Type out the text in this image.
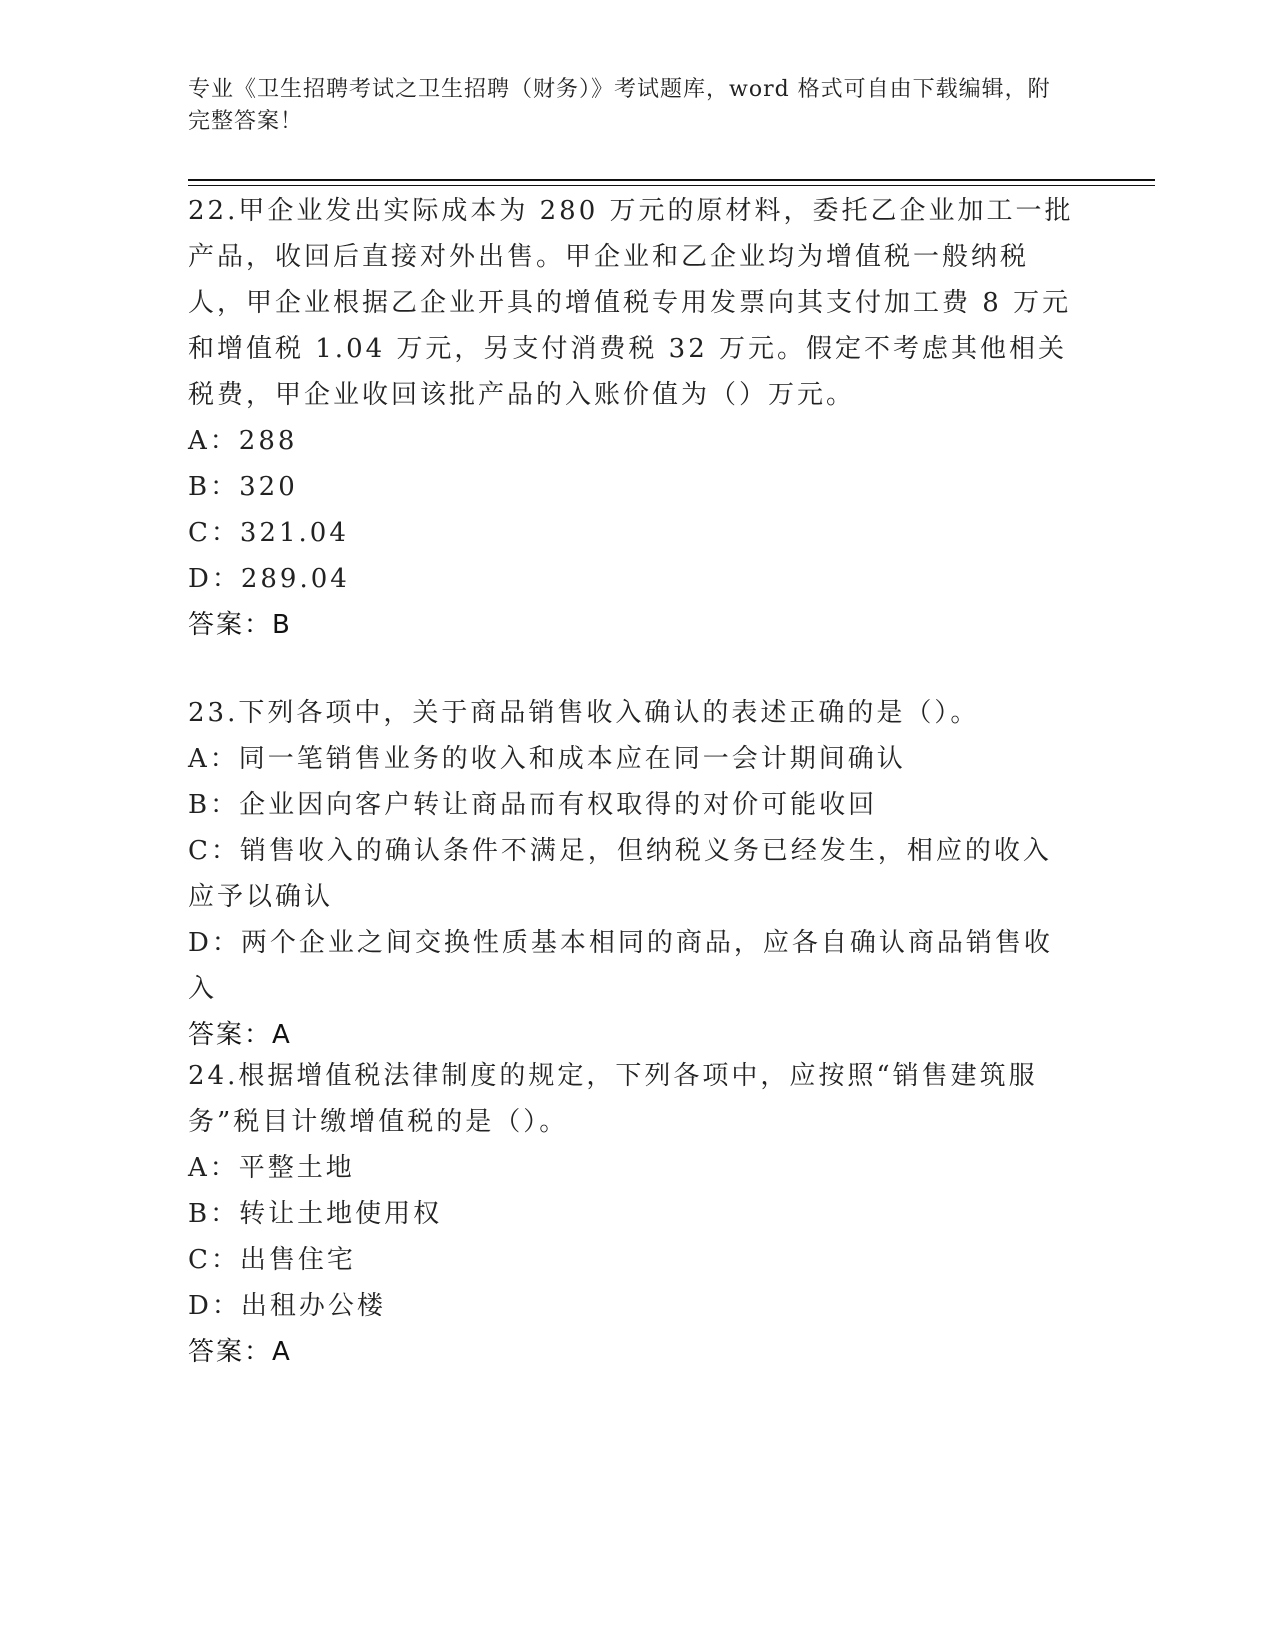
专业《卫生招聘考试之卫生招聘（财务）》考试题库，word 格式可自由下载编辑，附完整答案！

22.甲企业发出实际成本为 280 万元的原材料，委托乙企业加工一批产品，收回后直接对外出售。甲企业和乙企业均为增值税一般纳税人，甲企业根据乙企业开具的增值税专用发票向其支付加工费 8 万元和增值税 1.04 万元，另支付消费税 32 万元。假定不考虑其他相关税费，甲企业收回该批产品的入账价值为（）万元。

A：288

B：320

C：321.04

D：289.04

答案：B

23.下列各项中，关于商品销售收入确认的表述正确的是（）。

A：同一笔销售业务的收入和成本应在同一会计期间确认

B：企业因向客户转让商品而有权取得的对价可能收回

C：销售收入的确认条件不满足，但纳税义务已经发生，相应的收入应予以确认

D：两个企业之间交换性质基本相同的商品，应各自确认商品销售收入

答案：A

24.根据增值税法律制度的规定，下列各项中，应按照“销售建筑服务”税目计缴增值税的是（）。

A：平整土地

B：转让土地使用权

C：出售住宅

D：出租办公楼

答案：A
